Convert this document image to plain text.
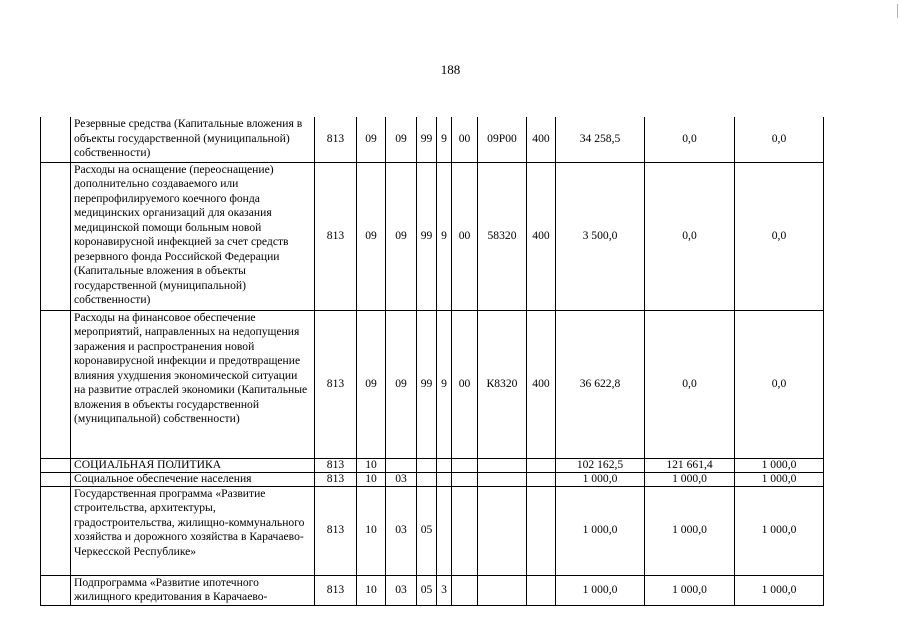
188
	Резервные средства (Капитальные вложения в объекты государственной (муниципальной) собственности)	813	09	09	99	9	00	09Р00	400	34 258,5	0,0	0,0
	Расходы на оснащение (переоснащение) дополнительно создаваемого или перепрофилируемого коечного фонда медицинских организаций для оказания медицинской помощи больным новой коронавирусной инфекцией за счет средств резервного фонда Российской Федерации (Капитальные вложения в объекты государственной (муниципальной) собственности)	813	09	09	99	9	00	58320	400	3 500,0	0,0	0,0
	Расходы на финансовое обеспечение мероприятий, направленных на недопущения заражения и распространения новой коронавирусной инфекции и предотвращение влияния ухудшения экономической ситуации на развитие отраслей экономики (Капитальные вложения в объекты государственной (муниципальной) собственности)	813	09	09	99	9	00	К8320	400	36 622,8	0,0	0,0
	СОЦИАЛЬНАЯ ПОЛИТИКА	813	10							102 162,5	121 661,4	1 000,0
	Социальное обеспечение населения	813	10	03						1 000,0	1 000,0	1 000,0
	Государственная программа «Развитие строительства, архитектуры, градостроительства, жилищно-коммунального хозяйства и дорожного хозяйства в Карачаево-Черкесской Республике»	813	10	03	05					1 000,0	1 000,0	1 000,0
	Подпрограмма «Развитие ипотечного жилищного кредитования в Карачаево-	813	10	03	05	3				1 000,0	1 000,0	1 000,0
